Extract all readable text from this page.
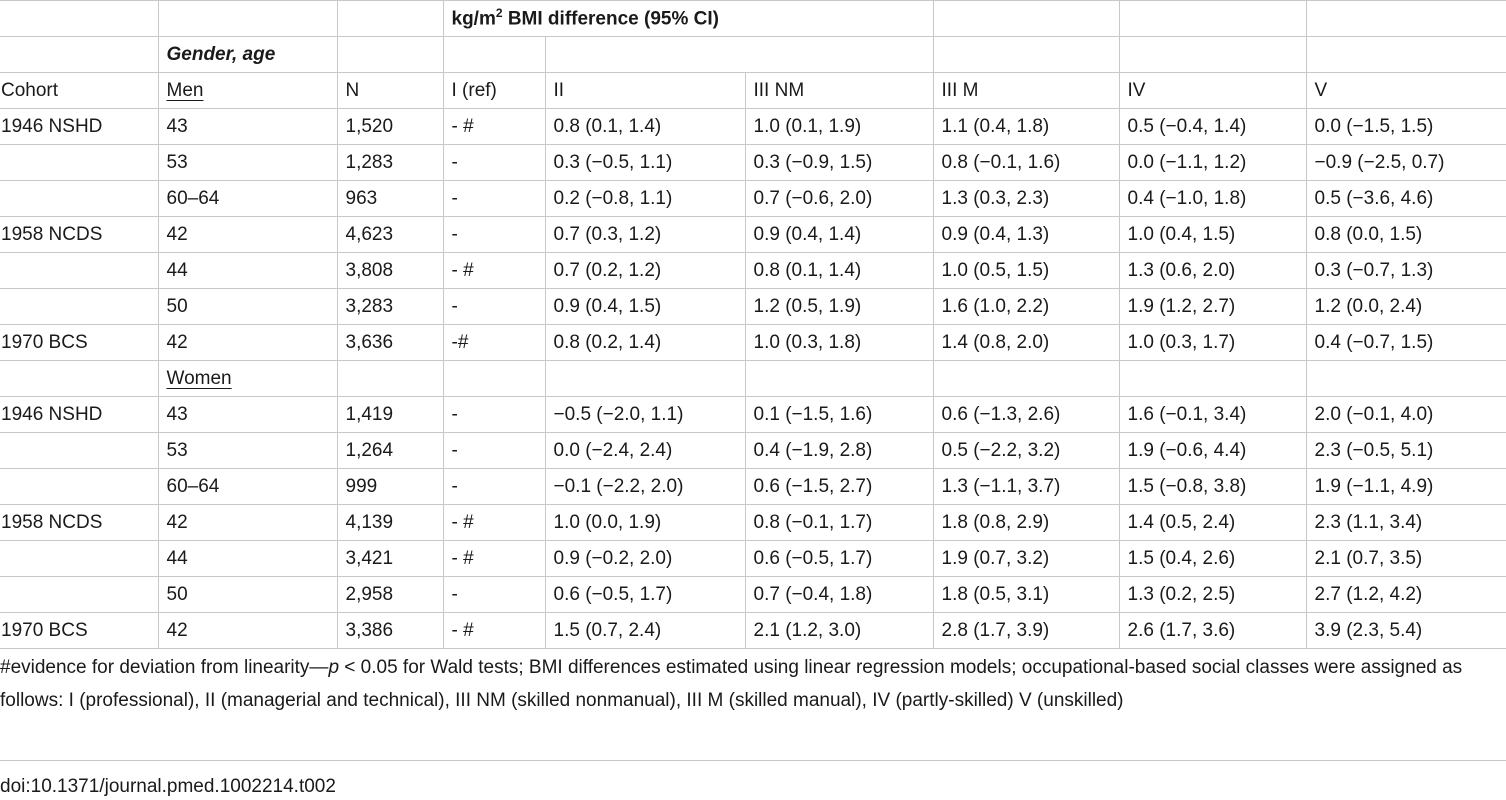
			$kg/m^2$ BMI difference (95% CI)					
	Gender, age							
Cohort	Men	N	I (ref)	II	III NM	III M	IV	V
1946 NSHD	43	1,520	- #	0.8 (0.1, 1.4)	1.0 (0.1, 1.9)	1.1 (0.4, 1.8)	0.5 (−0.4, 1.4)	0.0 (−1.5, 1.5)
	53	1,283	-	0.3 (−0.5, 1.1)	0.3 (−0.9, 1.5)	0.8 (−0.1, 1.6)	0.0 (−1.1, 1.2)	−0.9 (−2.5, 0.7)
	60–64	963	-	0.2 (−0.8, 1.1)	0.7 (−0.6, 2.0)	1.3 (0.3, 2.3)	0.4 (−1.0, 1.8)	0.5 (−3.6, 4.6)
1958 NCDS	42	4,623	-	0.7 (0.3, 1.2)	0.9 (0.4, 1.4)	0.9 (0.4, 1.3)	1.0 (0.4, 1.5)	0.8 (0.0, 1.5)
	44	3,808	- #	0.7 (0.2, 1.2)	0.8 (0.1, 1.4)	1.0 (0.5, 1.5)	1.3 (0.6, 2.0)	0.3 (−0.7, 1.3)
	50	3,283	-	0.9 (0.4, 1.5)	1.2 (0.5, 1.9)	1.6 (1.0, 2.2)	1.9 (1.2, 2.7)	1.2 (0.0, 2.4)
1970 BCS	42	3,636	-#	0.8 (0.2, 1.4)	1.0 (0.3, 1.8)	1.4 (0.8, 2.0)	1.0 (0.3, 1.7)	0.4 (−0.7, 1.5)
	Women							
1946 NSHD	43	1,419	-	−0.5 (−2.0, 1.1)	0.1 (−1.5, 1.6)	0.6 (−1.3, 2.6)	1.6 (−0.1, 3.4)	2.0 (−0.1, 4.0)
	53	1,264	-	0.0 (−2.4, 2.4)	0.4 (−1.9, 2.8)	0.5 (−2.2, 3.2)	1.9 (−0.6, 4.4)	2.3 (−0.5, 5.1)
	60–64	999	-	−0.1 (−2.2, 2.0)	0.6 (−1.5, 2.7)	1.3 (−1.1, 3.7)	1.5 (−0.8, 3.8)	1.9 (−1.1, 4.9)
1958 NCDS	42	4,139	- #	1.0 (0.0, 1.9)	0.8 (−0.1, 1.7)	1.8 (0.8, 2.9)	1.4 (0.5, 2.4)	2.3 (1.1, 3.4)
	44	3,421	- #	0.9 (−0.2, 2.0)	0.6 (−0.5, 1.7)	1.9 (0.7, 3.2)	1.5 (0.4, 2.6)	2.1 (0.7, 3.5)
	50	2,958	-	0.6 (−0.5, 1.7)	0.7 (−0.4, 1.8)	1.8 (0.5, 3.1)	1.3 (0.2, 2.5)	2.7 (1.2, 4.2)
1970 BCS	42	3,386	- #	1.5 (0.7, 2.4)	2.1 (1.2, 3.0)	2.8 (1.7, 3.9)	2.6 (1.7, 3.6)	3.9 (2.3, 5.4)
#evidence for deviation from linearity—p < 0.05 for Wald tests; BMI differences estimated using linear regression models; occupational-based social classes were assigned as follows: I (professional), II (managerial and technical), III NM (skilled nonmanual), III M (skilled manual), IV (partly-skilled) V (unskilled)
doi:10.1371/journal.pmed.1002214.t002
